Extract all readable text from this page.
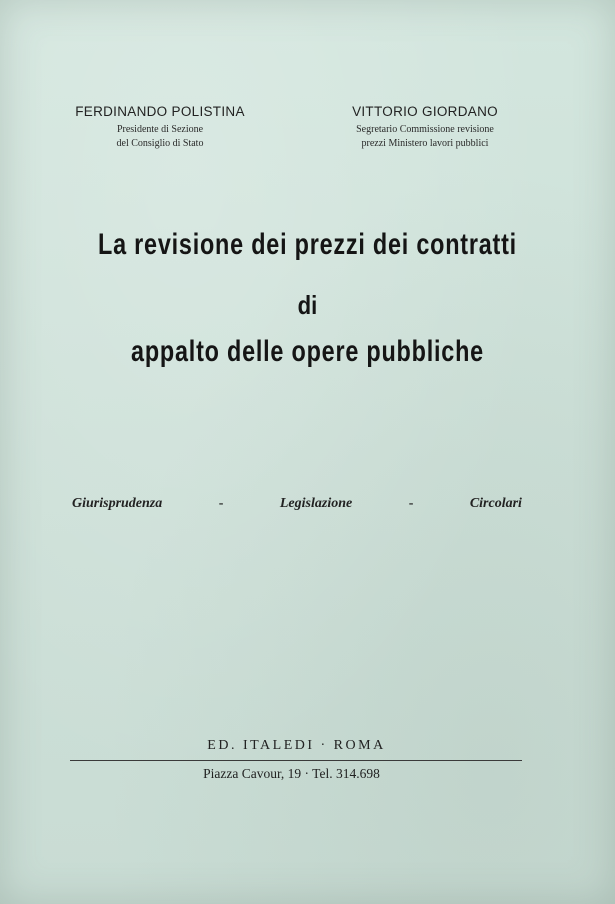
FERDINANDO POLISTINA
Presidente di Sezione
del Consiglio di Stato
VITTORIO GIORDANO
Segretario Commissione revisione
prezzi Ministero lavori pubblici
La revisione dei prezzi dei contratti
di
appalto delle opere pubbliche
Giurisprudenza	-	Legislazione	-	Circolari
ED. ITALEDI · ROMA
Piazza Cavour, 19 · Tel. 314.698
